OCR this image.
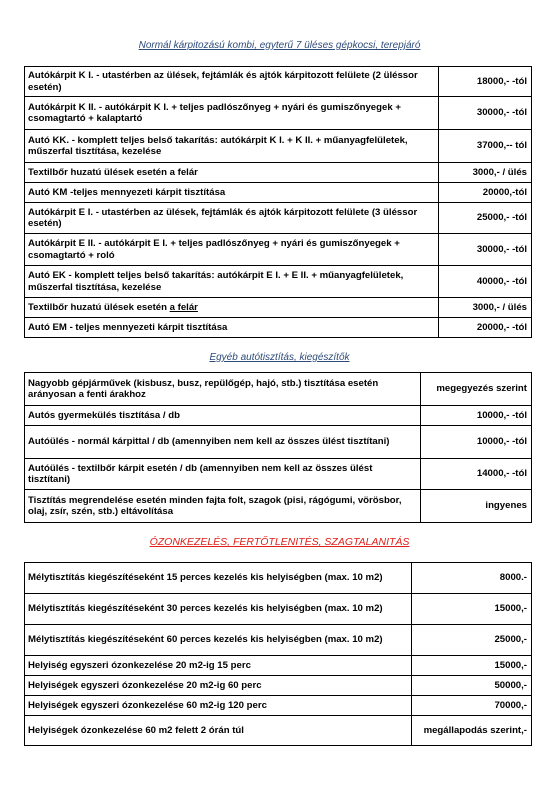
Normál kárpitozású kombi, egyterű 7 üléses gépkocsi, terepjáró
Autókárpit K I. - utastérben az ülések, fejtámlák és ajtók kárpitozott felülete (2 üléssor esetén)	18000,- -tól
Autókárpit K II. - autókárpit K I. + teljes padlószőnyeg + nyári és gumiszőnyegek + csomagtartó + kalaptartó	30000,- -tól
Autó KK. - komplett teljes belső takarítás: autókárpit K I. + K II. + műanyagfelületek, műszerfal tisztítása, kezelése	37000,-- tól
Textilbőr huzatú ülések esetén a felár	3000,- / ülés
Autó KM -teljes mennyezeti kárpit tisztítása	20000,-tól
Autókárpit E I. - utastérben az ülések, fejtámlák és ajtók kárpitozott felülete (3 üléssor esetén)	25000,- -tól
Autókárpit E II. - autókárpit E I. + teljes padlószőnyeg + nyári és gumiszőnyegek + csomagtartó + roló	30000,- -tól
Autó EK - komplett teljes belső takarítás: autókárpit E I. + E II. + műanyagfelületek, műszerfal tisztítása, kezelése	40000,- -tól
Textilbőr huzatú ülések esetén a felár	3000,- / ülés
Autó EM - teljes mennyezeti kárpit tisztítása	20000,- -tól
Egyéb autótisztítás, kiegészítők
Nagyobb gépjárművek (kisbusz, busz, repülőgép, hajó, stb.) tisztítása esetén arányosan a fenti árakhoz	megegyezés szerint
Autós gyermekülés tisztítása / db	10000,- -tól
Autóülés - normál kárpittal / db (amennyiben nem kell az összes ülést tisztítani)	10000,- -tól
Autóülés - textilbőr kárpit esetén / db (amennyiben nem kell az összes ülést tisztítani)	14000,- -tól
Tisztítás megrendelése esetén minden fajta folt, szagok (pisi, rágógumi, vörösbor, olaj, zsír, szén, stb.) eltávolítása	ingyenes
ÓZONKEZELÉS, FERTŐTLENITÉS, SZAGTALANITÁS
Mélytisztítás kiegészítéseként 15 perces kezelés kis helyiségben (max. 10 m2)	8000.-
Mélytisztítás kiegészítéseként 30 perces kezelés kis helyiségben (max. 10 m2)	15000,-
Mélytisztítás kiegészítéseként 60 perces kezelés kis helyiségben (max. 10 m2)	25000,-
Helyiség egyszeri ózonkezelése 20 m2-ig 15 perc	15000,-
Helyiségek egyszeri ózonkezelése 20 m2-ig 60 perc	50000,-
Helyiségek egyszeri ózonkezelése 60 m2-ig 120 perc	70000,-
Helyiségek ózonkezelése 60 m2 felett 2 órán túl	megállapodás szerint,-
